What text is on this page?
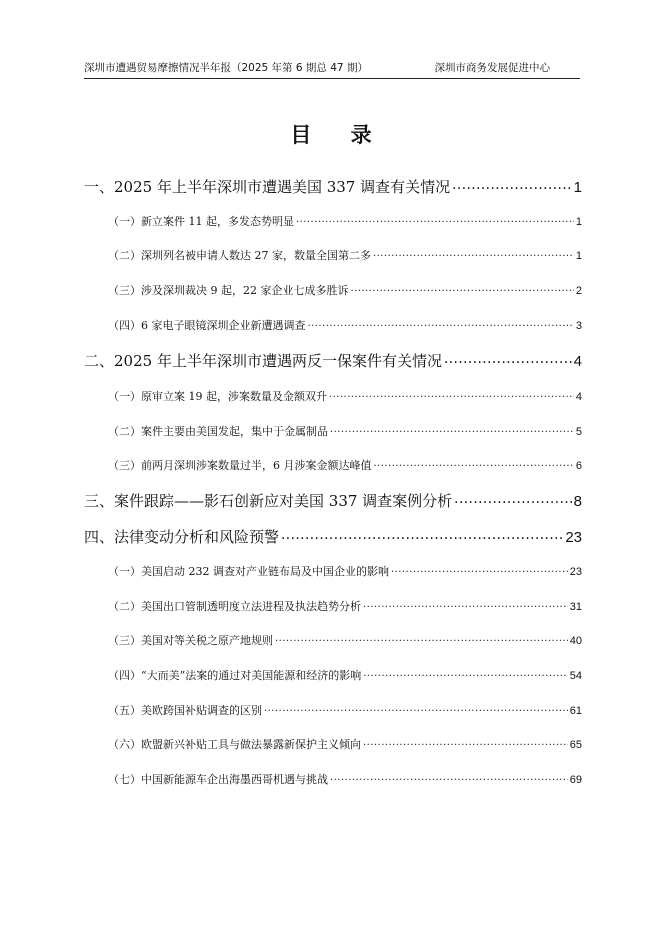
深圳市遭遇贸易摩擦情况半年报（2025 年第 6 期总 47 期）	深圳市商务发展促进中心
目 录
一、2025 年上半年深圳市遭遇美国 337 调查有关情况 .....	1
（一）新立案件 11 起，多发态势明显 .....	1
（二）深圳列名被申请人数达 27 家，数量全国第二多 .....	1
（三）涉及深圳裁决 9 起，22 家企业七成多胜诉 .....	2
（四）6 家电子眼镜深圳企业新遭遇调查 .....	3
二、2025 年上半年深圳市遭遇两反一保案件有关情况 .....	4
（一）原审立案 19 起，涉案数量及金额双升 .....	4
（二）案件主要由美国发起，集中于金属制品 .....	5
（三）前两月深圳涉案数量过半，6 月涉案金额达峰值 .....	6
三、案件跟踪——影石创新应对美国 337 调查案例分析 .....	8
四、法律变动分析和风险预警 .....	23
（一）美国启动 232 调查对产业链布局及中国企业的影响 .....	23
（二）美国出口管制透明度立法进程及执法趋势分析 .....	31
（三）美国对等关税之原产地规则 .....	40
（四）“大而美”法案的通过对美国能源和经济的影响 .....	54
（五）美欧跨国补贴调查的区别 .....	61
（六）欧盟新兴补贴工具与做法暴露新保护主义倾向 .....	65
（七）中国新能源车企出海墨西哥机遇与挑战 .....	69
